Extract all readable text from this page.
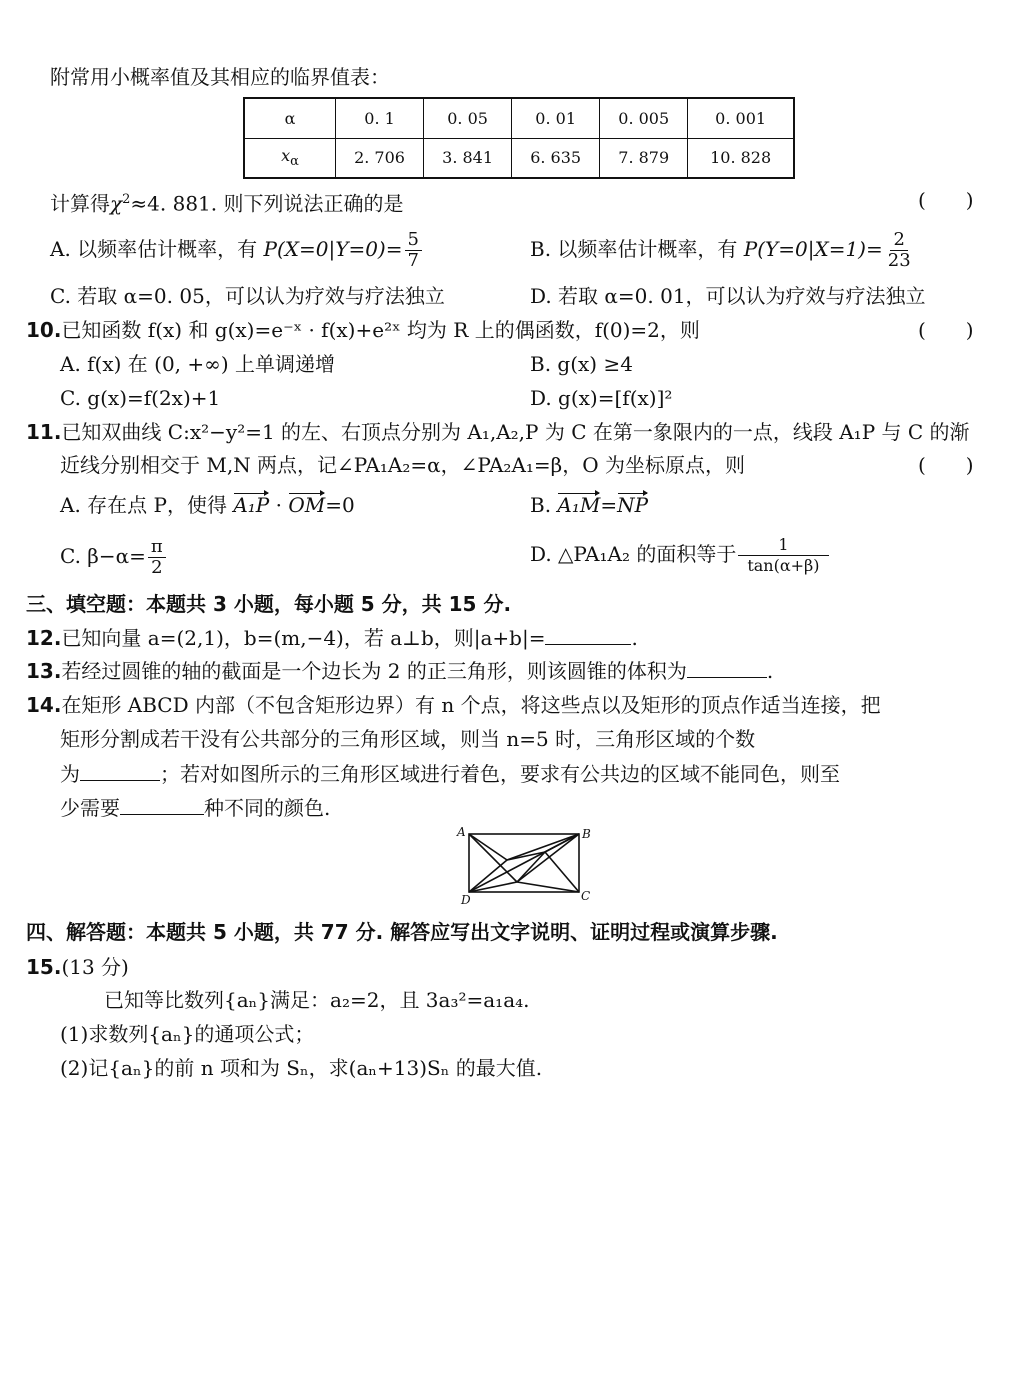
附常用小概率值及其相应的临界值表：
α	0. 1	0. 05	0. 01	0. 005	0. 001
$x_\alpha$	2. 706	3. 841	6. 635	7. 879	10. 828
计算得$\chi^2\approx 4$. 881. 则下列说法正确的是	(　　)
A. 以频率估计概率，有 $P(X=0|Y=0)= \frac{5}{7}$	B. 以频率估计概率，有 $P(Y=0|X=1)= \frac{2}{23}$
C. 若取 α=0. 05，可以认为疗效与疗法独立	D. 若取 α=0. 01，可以认为疗效与疗法独立
10.已知函数 f(x) 和 g(x)=e⁻ˣ · f(x)+e²ˣ 均为 R 上的偶函数，f(0)=2，则	(　　)
A. f(x) 在 (0, +∞) 上单调递增	B. g(x) ≥4
C. g(x)=f(2x)+1	D. g(x)=[f(x)]²
11.已知双曲线 C:x²−y²=1 的左、右顶点分别为 A₁,A₂,P 为 C 在第一象限内的一点，线段 A₁P 与 C 的渐
近线分别相交于 M,N 两点，记∠PA₁A₂=α，∠PA₂A₁=β，O 为坐标原点，则	(　　)
A. 存在点 P，使得 A₁P · OM=0	B. A₁M=NP
C. $\beta-\alpha= \frac{\pi}{2}$	D. △PA₁A₂ 的面积等于 $\frac{1}{\tan(\alpha+\beta)}$
三、填空题：本题共 3 小题，每小题 5 分，共 15 分.
12.已知向量 a=(2,1)，b=(m,−4)，若 a⊥b，则|a+b|=	.
13.若经过圆锥的轴的截面是一个边长为 2 的正三角形，则该圆锥的体积为	.
14.在矩形 ABCD 内部（不包含矩形边界）有 n 个点，将这些点以及矩形的顶点作适当连接，把
矩形分割成若干没有公共部分的三角形区域，则当 n=5 时，三角形区域的个数
为	；若对如图所示的三角形区域进行着色，要求有公共边的区域不能同色，则至
少需要	种不同的颜色.
A	B
C
D
四、解答题：本题共 5 小题，共 77 分. 解答应写出文字说明、证明过程或演算步骤.
15.(13 分)
已知等比数列{aₙ}满足：a₂=2，且 3a₃²=a₁a₄.
(1)求数列{aₙ}的通项公式；
(2)记{aₙ}的前 n 项和为 Sₙ，求(aₙ+13)Sₙ 的最大值.
